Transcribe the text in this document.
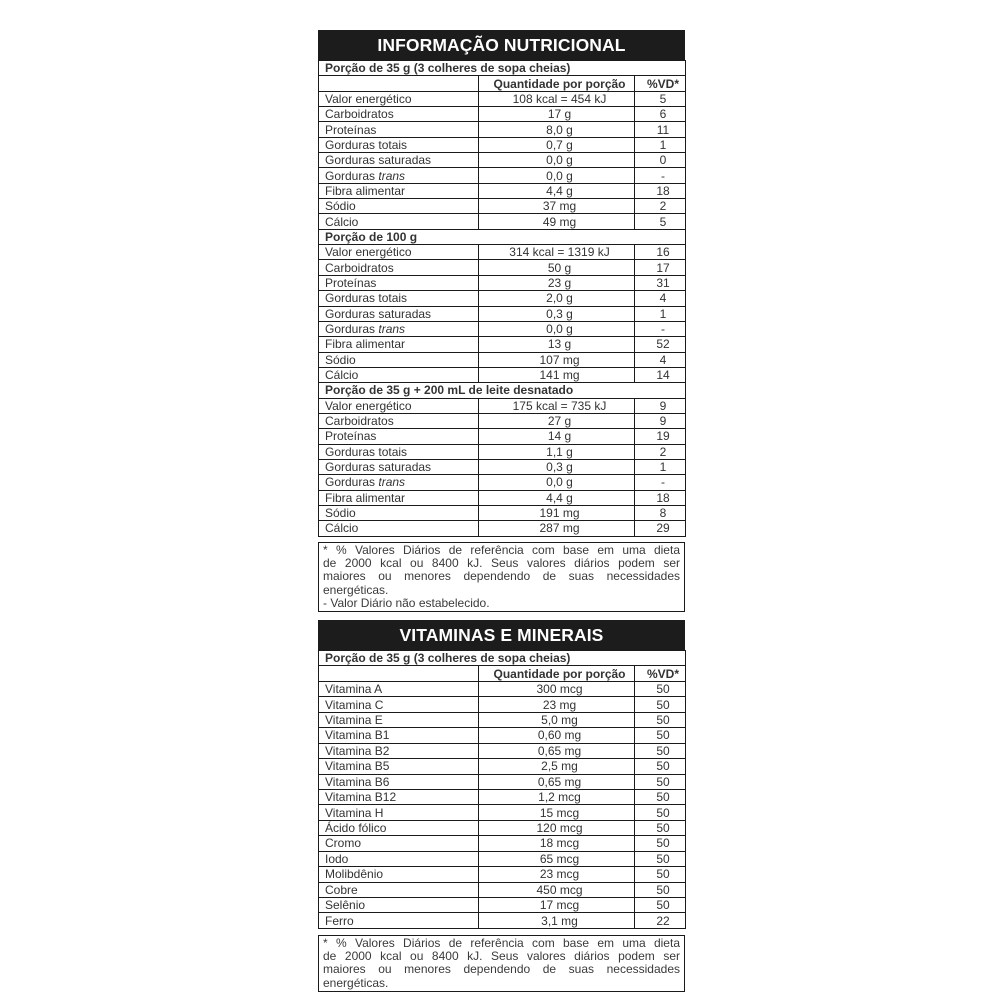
INFORMAÇÃO NUTRICIONAL
Porção de 35 g (3 colheres de sopa cheias)		
	Quantidade por porção	%VD*
Valor energético	108 kcal = 454 kJ	5
Carboidratos	17 g	6
Proteínas	8,0 g	11
Gorduras totais	0,7 g	1
Gorduras saturadas	0,0 g	0
Gorduras trans	0,0 g	-
Fibra alimentar	4,4 g	18
Sódio	37 mg	2
Cálcio	49 mg	5
Porção de 100 g		
Valor energético	314 kcal = 1319 kJ	16
Carboidratos	50 g	17
Proteínas	23 g	31
Gorduras totais	2,0 g	4
Gorduras saturadas	0,3 g	1
Gorduras trans	0,0 g	-
Fibra alimentar	13 g	52
Sódio	107 mg	4
Cálcio	141 mg	14
Porção de 35 g + 200 mL de leite desnatado		
Valor energético	175 kcal = 735 kJ	9
Carboidratos	27 g	9
Proteínas	14 g	19
Gorduras totais	1,1 g	2
Gorduras saturadas	0,3 g	1
Gorduras trans	0,0 g	-
Fibra alimentar	4,4 g	18
Sódio	191 mg	8
Cálcio	287 mg	29
* % Valores Diários de referência com base em uma dieta
de 2000 kcal ou 8400 kJ. Seus valores diários podem ser
maiores ou menores dependendo de suas necessidades
energéticas.
- Valor Diário não estabelecido.
VITAMINAS E MINERAIS
Porção de 35 g (3 colheres de sopa cheias)		
	Quantidade por porção	%VD*
Vitamina A	300 mcg	50
Vitamina C	23 mg	50
Vitamina E	5,0 mg	50
Vitamina B1	0,60 mg	50
Vitamina B2	0,65 mg	50
Vitamina B5	2,5 mg	50
Vitamina B6	0,65 mg	50
Vitamina B12	1,2 mcg	50
Vitamina H	15 mcg	50
Ácido fólico	120 mcg	50
Cromo	18 mcg	50
Iodo	65 mcg	50
Molibdênio	23 mcg	50
Cobre	450 mcg	50
Selênio	17 mcg	50
Ferro	3,1 mg	22
* % Valores Diários de referência com base em uma dieta
de 2000 kcal ou 8400 kJ. Seus valores diários podem ser
maiores ou menores dependendo de suas necessidades
energéticas.
